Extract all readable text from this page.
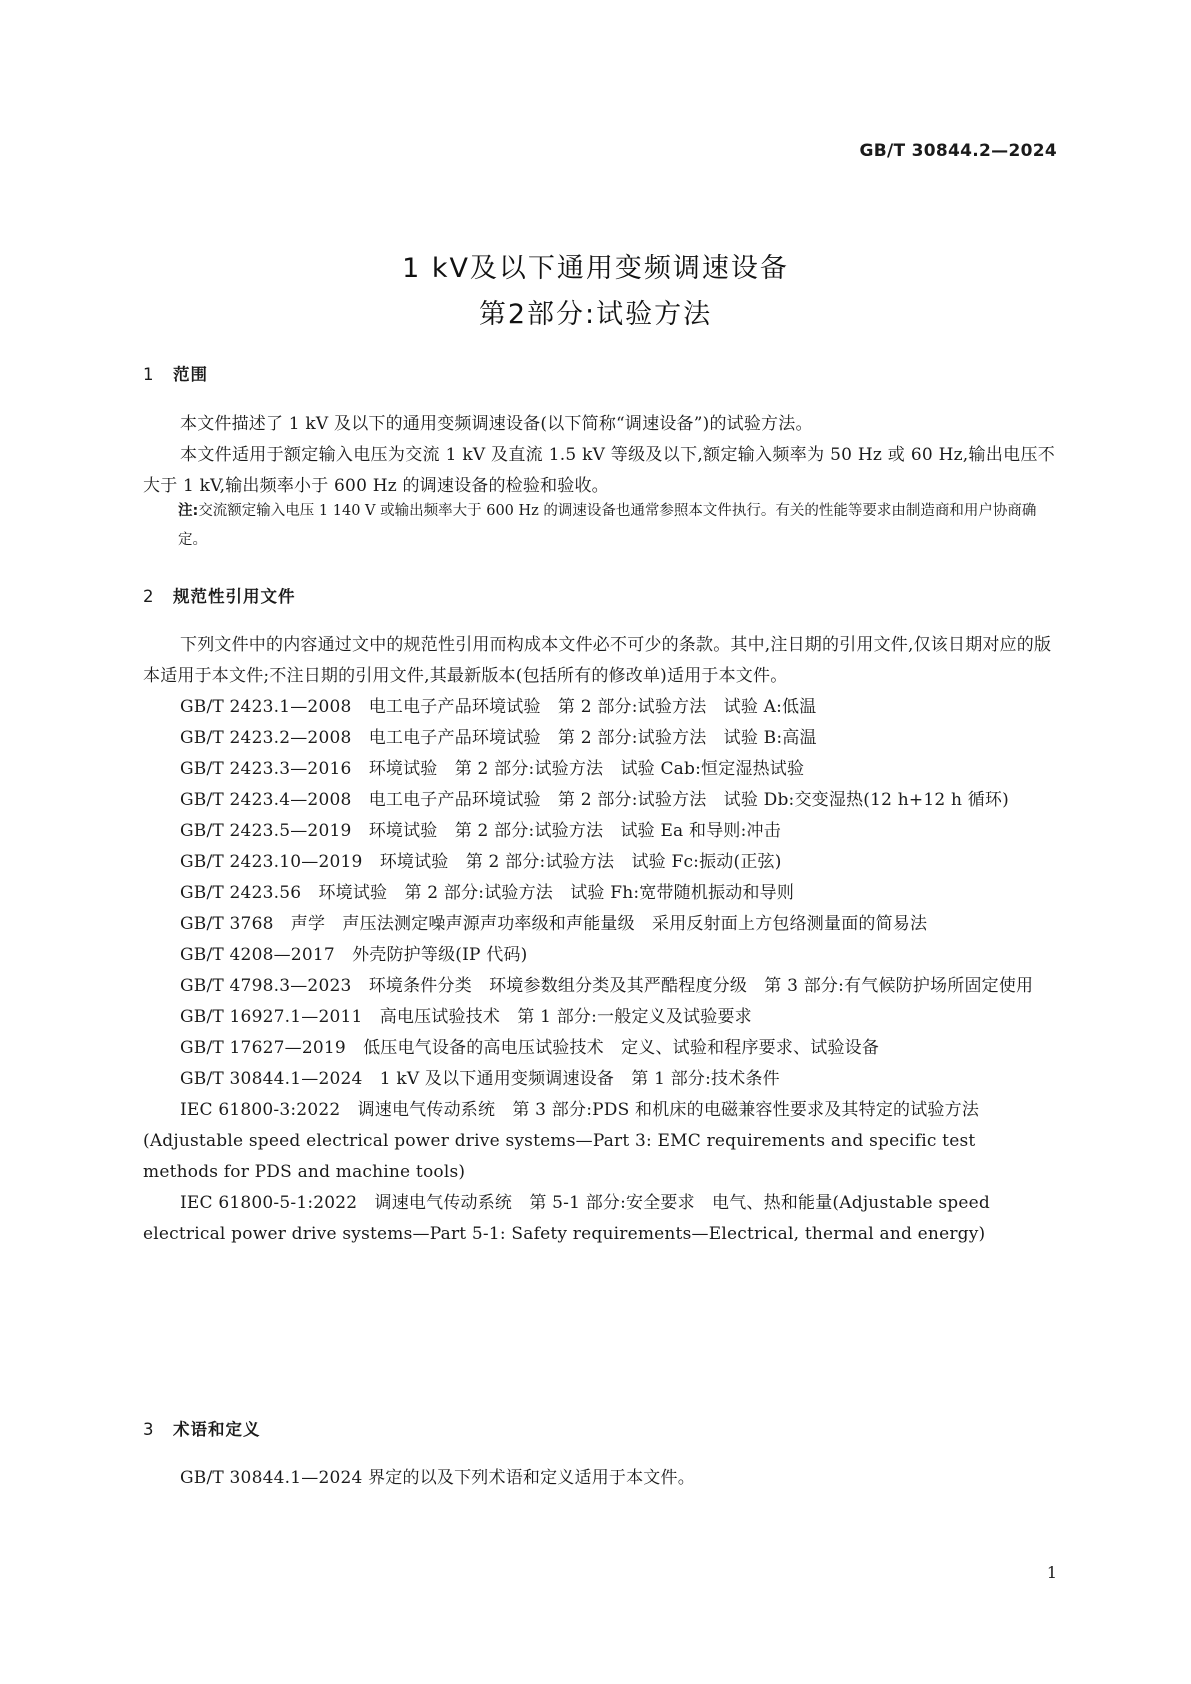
GB/T 30844.2—2024
1 kV及以下通用变频调速设备
第2部分:试验方法
1 范围

本文件描述了 1 kV 及以下的通用变频调速设备(以下简称“调速设备”)的试验方法。

本文件适用于额定输入电压为交流 1 kV 及直流 1.5 kV 等级及以下,额定输入频率为 50 Hz 或 60 Hz,输出电压不大于 1 kV,输出频率小于 600 Hz 的调速设备的检验和验收。

注:交流额定输入电压 1 140 V 或输出频率大于 600 Hz 的调速设备也通常参照本文件执行。有关的性能等要求由制造商和用户协商确定。
2 规范性引用文件

下列文件中的内容通过文中的规范性引用而构成本文件必不可少的条款。其中,注日期的引用文件,仅该日期对应的版本适用于本文件;不注日期的引用文件,其最新版本(包括所有的修改单)适用于本文件。

GB/T 2423.1—2008　电工电子产品环境试验　第 2 部分:试验方法　试验 A:低温

GB/T 2423.2—2008　电工电子产品环境试验　第 2 部分:试验方法　试验 B:高温

GB/T 2423.3—2016　环境试验　第 2 部分:试验方法　试验 Cab:恒定湿热试验

GB/T 2423.4—2008　电工电子产品环境试验　第 2 部分:试验方法　试验 Db:交变湿热(12 h+12 h 循环)

GB/T 2423.5—2019　环境试验　第 2 部分:试验方法　试验 Ea 和导则:冲击

GB/T 2423.10—2019　环境试验　第 2 部分:试验方法　试验 Fc:振动(正弦)

GB/T 2423.56　环境试验　第 2 部分:试验方法　试验 Fh:宽带随机振动和导则

GB/T 3768　声学　声压法测定噪声源声功率级和声能量级　采用反射面上方包络测量面的简易法

GB/T 4208—2017　外壳防护等级(IP 代码)

GB/T 4798.3—2023　环境条件分类　环境参数组分类及其严酷程度分级　第 3 部分:有气候防护场所固定使用

GB/T 16927.1—2011　高电压试验技术　第 1 部分:一般定义及试验要求

GB/T 17627—2019　低压电气设备的高电压试验技术　定义、试验和程序要求、试验设备

GB/T 30844.1—2024　1 kV 及以下通用变频调速设备　第 1 部分:技术条件

IEC 61800-3:2022　调速电气传动系统　第 3 部分:PDS 和机床的电磁兼容性要求及其特定的试验方法(Adjustable speed electrical power drive systems—Part 3: EMC requirements and specific test methods for PDS and machine tools)

IEC 61800-5-1:2022　调速电气传动系统　第 5-1 部分:安全要求　电气、热和能量(Adjustable speed electrical power drive systems—Part 5-1: Safety requirements—Electrical, thermal and energy)

3 术语和定义

GB/T 30844.1—2024 界定的以及下列术语和定义适用于本文件。

1
